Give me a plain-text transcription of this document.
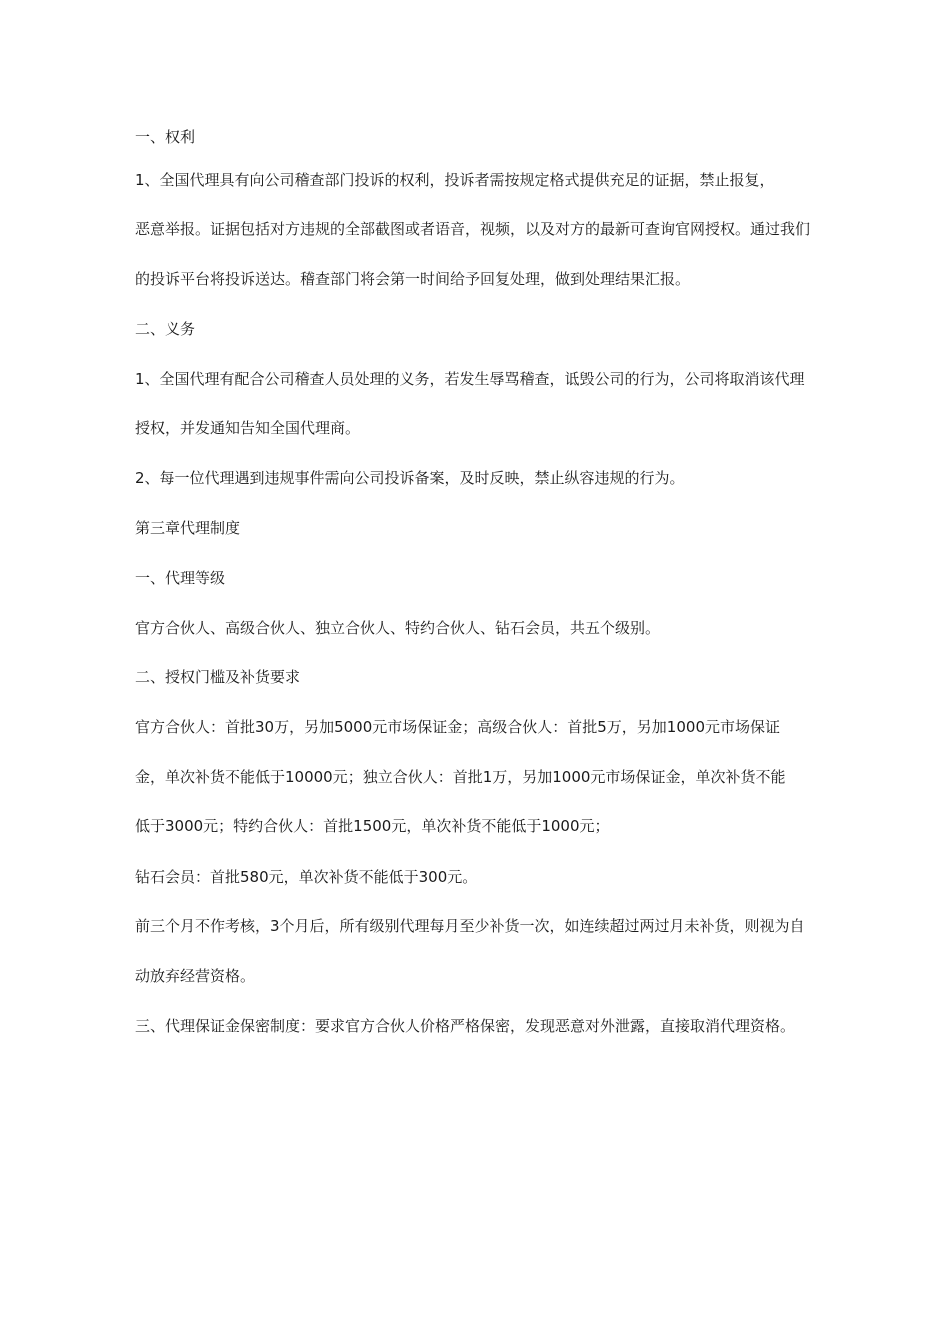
一、权利
1、全国代理具有向公司稽查部门投诉的权利，投诉者需按规定格式提供充足的证据，禁止报复，
恶意举报。证据包括对方违规的全部截图或者语音，视频，以及对方的最新可查询官网授权。通过我们
的投诉平台将投诉送达。稽查部门将会第一时间给予回复处理，做到处理结果汇报。
二、义务
1、全国代理有配合公司稽查人员处理的义务，若发生辱骂稽查，诋毁公司的行为，公司将取消该代理
授权，并发通知告知全国代理商。
2、每一位代理遇到违规事件需向公司投诉备案，及时反映，禁止纵容违规的行为。
第三章代理制度
一、代理等级
官方合伙人、高级合伙人、独立合伙人、特约合伙人、钻石会员，共五个级别。
二、授权门槛及补货要求
官方合伙人：首批30万，另加5000元市场保证金；高级合伙人：首批5万，另加1000元市场保证
金，单次补货不能低于10000元；独立合伙人：首批1万，另加1000元市场保证金，单次补货不能
低于3000元；特约合伙人：首批1500元，单次补货不能低于1000元；
钻石会员：首批580元，单次补货不能低于300元。
前三个月不作考核，3个月后，所有级别代理每月至少补货一次，如连续超过两过月未补货，则视为自
动放弃经营资格。
三、代理保证金保密制度：要求官方合伙人价格严格保密，发现恶意对外泄露，直接取消代理资格。
